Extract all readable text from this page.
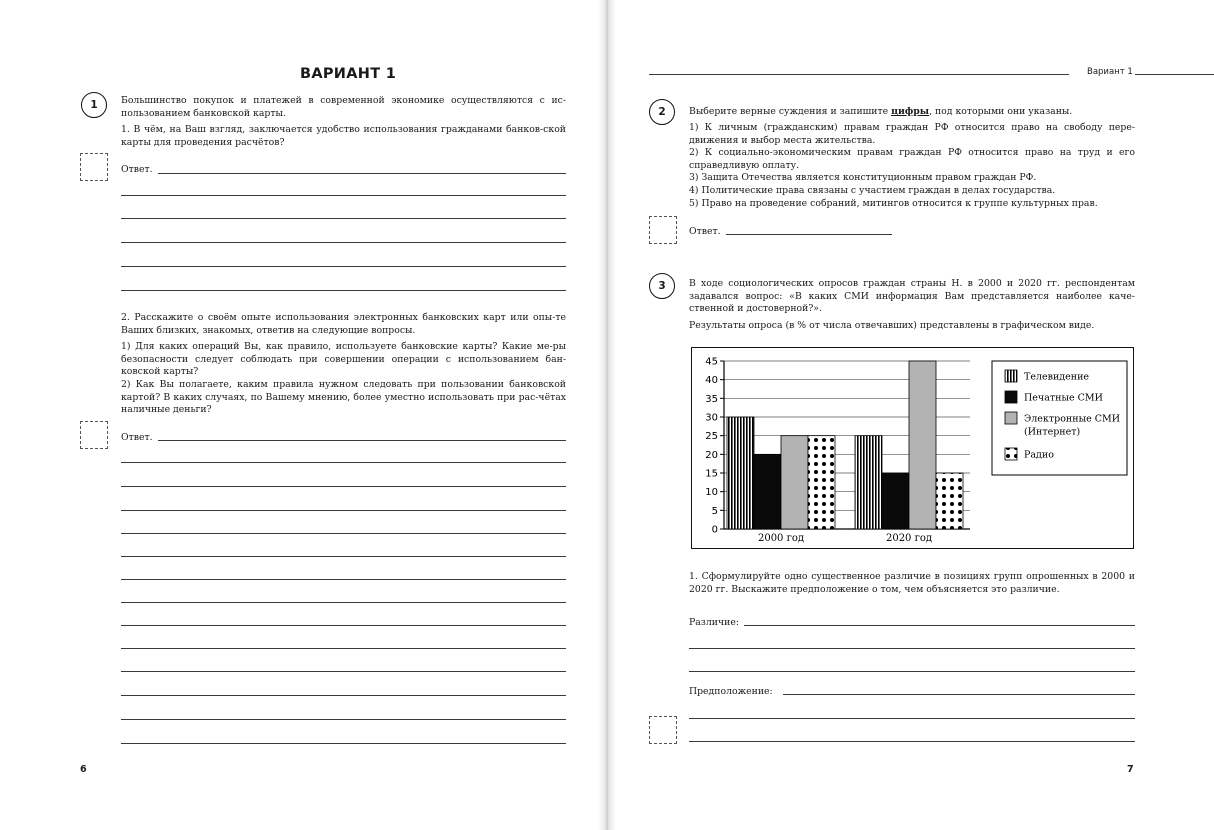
ВАРИАНТ 1
1	Большинство покупок и платежей в современной экономике осуществляются с ис-пользованием банковской карты.
1. В чём, на Ваш взгляд, заключается удобство использования гражданами банков-ской карты для проведения расчётов?
Ответ.
2. Расскажите о своём опыте использования электронных банковских карт или опы-те Ваших близких, знакомых, ответив на следующие вопросы.
1) Для каких операций Вы, как правило, используете банковские карты? Какие ме-ры безопасности следует соблюдать при совершении операции с использованием бан-ковской карты?
2) Как Вы полагаете, каким правила нужном следовать при пользовании банковской картой? В каких случаях, по Вашему мнению, более уместно использовать при рас-чётах наличные деньги?
Ответ.
6
Вариант 1
2	Выберите верные суждения и запишите цифры, под которыми они указаны.
1) К личным (гражданским) правам граждан РФ относится право на свободу пере-движения и выбор места жительства.
2) К социально-экономическим правам граждан РФ относится право на труд и его справедливую оплату.
3) Защита Отечества является конституционным правом граждан РФ.
4) Политические права связаны с участием граждан в делах государства.
5) Право на проведение собраний, митингов относится к группе культурных прав.
Ответ.
3	В ходе социологических опросов граждан страны Н. в 2000 и 2020 гг. респондентам задавался вопрос: «В каких СМИ информация Вам представляется наиболее каче-ственной и достоверной?».
Результаты опроса (в % от числа отвечавших) представлены в графическом виде.
0
5
10
15
20
25
30
35
40
45
2000 год	2020 год
Телевидение
Печатные СМИ
Электронные СМИ
(Интернет)
Радио
1. Сформулируйте одно существенное различие в позициях групп опрошенных в 2000 и 2020 гг. Выскажите предположение о том, чем объясняется это различие.
Различие:
Предположение:
7
